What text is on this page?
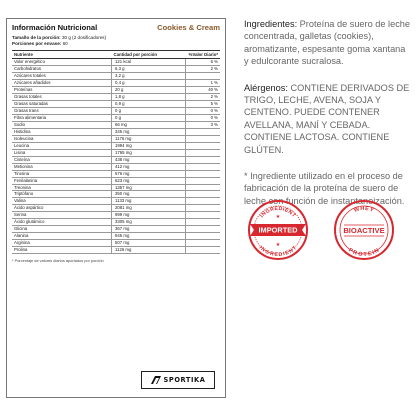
Información Nutricional	Cookies & Cream
Tamaño de la porción: 30 g (2 dosificadores)
Porciones por envase: 60
Nutriente	Cantidad por porción	%Valor Diario*
Valor energético	121 kcal	6 %
Carbohidratos	6,3 g	2 %
Azúcares totales	3,2 g	
Azúcares añadidos	0,4 g	1 %
Proteínas	20 g	40 %
Grasas totales	1,8 g	2 %
Grasas saturadas	0,9 g	5 %
Grasas trans	0 g	0 %
Fibra alimentaria	0 g	0 %
Sodio	66 mg	3 %
Histidina	346 mg	
Isoleucina	1176 mg	
Leucina	1994 mg	
Lisina	1765 mg	
Cisteína	438 mg	
Metionina	412 mg	
Tirosina	576 mg	
Fenilalanina	623 mg	
Treonina	1357 mg	
Triptófano	350 mg	
Valina	1133 mg	
Ácido aspártico	2081 mg	
Serina	999 mg	
Ácido glutámico	3305 mg	
Glicina	367 mg	
Alanina	946 mg	
Arginina	507 mg	
Prolina	1126 mg	
* Porcentaje de valores diarios aportados por porción
SPORTIKA

Ingredientes: Proteína de suero de leche concentrada, galletas (cookies), aromatizante, espesante goma xantana y edulcorante sucralosa.

Alérgenos: CONTIENE DERIVADOS DE TRIGO, LECHE, AVENA, SOJA Y CENTENO. PUEDE CONTENER AVELLANA, MANÍ Y CEBADA. CONTIENE LACTOSA. CONTIENE GLÚTEN.

* Ingrediente utilizado en el proceso de fabricación de la proteína de suero de leche con función de instantaneización.

INGREDIENT
INGREDIENT
IMPORTED
★
★
WHEY
PROTEIN
BIOACTIVE
